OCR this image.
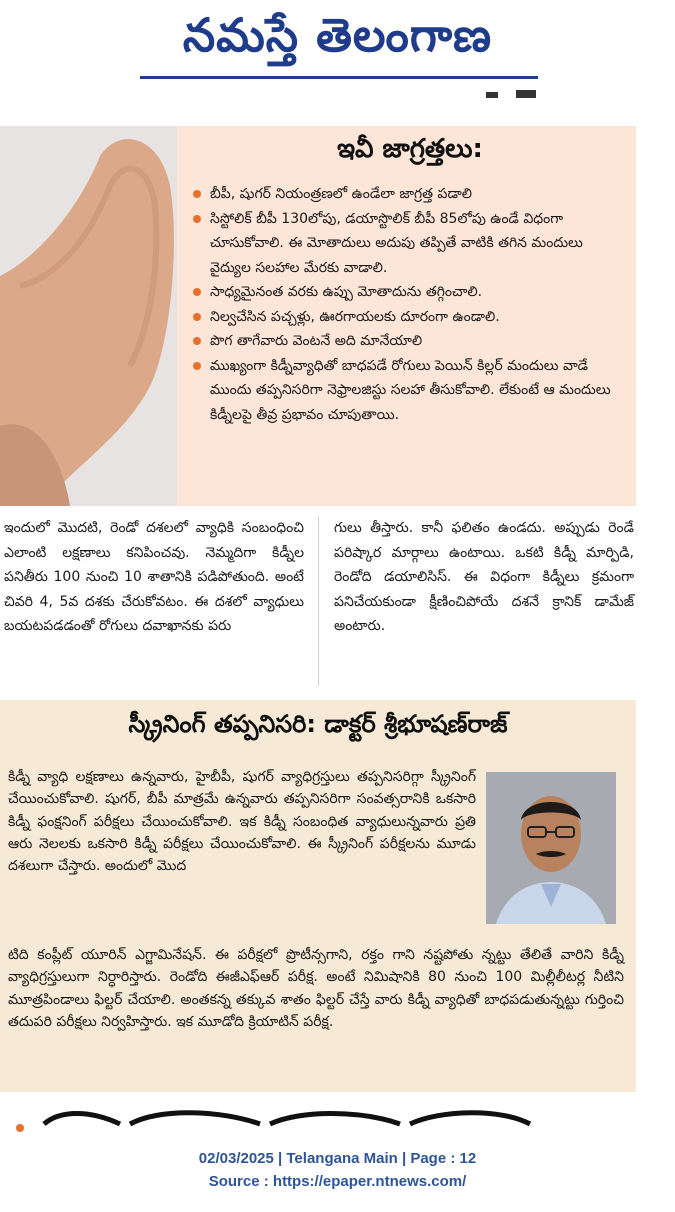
నమస్తే తెలంగాణ
ఇవీ జాగ్రత్తలు:
బీపీ, షుగర్ నియంత్రణలో ఉండేలా జాగ్రత్త పడాలి
సిస్టోలిక్ బీపీ 130లోపు, డయాస్టొలిక్ బీపీ 85లోపు ఉండే విధంగా చూసుకోవాలి. ఈ మోతాదులు అదుపు తప్పితే వాటికి తగిన మందులు వైద్యుల సలహాల మేరకు వాడాలి.
సాధ్యమైనంత వరకు ఉప్పు మోతాదును తగ్గించాలి.
నిల్వచేసిన పచ్చళ్లు, ఊరగాయలకు దూరంగా ఉండాలి.
పొగ తాగేవారు వెంటనే అది మానేయాలి
ముఖ్యంగా కిడ్నీవ్యాధితో బాధపడే రోగులు పెయిన్ కిల్లర్ మందులు వాడే ముందు తప్పనిసరిగా నెఫ్రాలజిస్టు సలహా తీసుకోవాలి. లేకుంటే ఆ మందులు కిడ్నీలపై తీవ్ర ప్రభావం చూపుతాయి.
ఇందులో మొదటి, రెండో దశలలో వ్యాధికి సంబంధించి ఎలాంటి లక్షణాలు కనిపించవు. నెమ్మదిగా కిడ్నీల పనితీరు 100 నుంచి 10 శాతానికి పడిపోతుంది. అంటే చివరి 4, 5వ దశకు చేరుకోవటం. ఈ దశలో వ్యాధులు బయటపడడంతో రోగులు దవాఖానకు పరు
గులు తీస్తారు. కానీ ఫలితం ఉండదు. అప్పుడు రెండే పరిష్కార మార్గాలు ఉంటాయి. ఒకటి కిడ్నీ మార్పిడి, రెండోది డయాలిసిస్. ఈ విధంగా కిడ్నీలు క్రమంగా పనిచేయకుండా క్షీణించిపోయే దశనే క్రానిక్ డామేజ్ అంటారు.
స్క్రీనింగ్ తప్పనిసరి: డాక్టర్ శ్రీభూషణ్‌రాజ్
కిడ్నీ వ్యాధి లక్షణాలు ఉన్నవారు, హైబీపీ, షుగర్ వ్యాధిగ్రస్తులు తప్పనిసరిగ్గా స్క్రీనింగ్ చేయించుకోవాలి. షుగర్, బీపీ మాత్రమే ఉన్నవారు తప్పనిసరిగా సంవత్సరానికి ఒకసారి కిడ్నీ ఫంక్షనింగ్ పరీక్షలు చేయించుకోవాలి. ఇక కిడ్నీ సంబంధిత వ్యాధులున్నవారు ప్రతి ఆరు నెలలకు ఒకసారి కిడ్నీ పరీక్షలు చేయించుకోవాలి. ఈ స్క్రీనింగ్ పరీక్షలను మూడు దశలుగా చేస్తారు. అందులో మొద
టిది కంప్లీట్ యూరిన్ ఎగ్జామినేషన్. ఈ పరీక్షలో ప్రొటీన్సగాని, రక్తం గాని నష్టపోతు న్నట్టు తేలితే వారిని కిడ్నీ వ్యాధిగ్రస్తులుగా నిర్ధారిస్తారు. రెండోది ఈజీఎఫ్ఆర్ పరీక్ష. అంటే నిమిషానికి 80 నుంచి 100 మిల్లీలీటర్ల నీటిని మూత్రపిండాలు ఫిల్టర్ చేయాలి. అంతకన్న తక్కువ శాతం ఫిల్టర్ చేస్తే వారు కిడ్నీ వ్యాధితో బాధపడుతున్నట్టు గుర్తించి తదుపరి పరీక్షలు నిర్వహిస్తారు. ఇక మూడోది క్రియాటిన్ పరీక్ష.
02/03/2025 | Telangana Main | Page : 12
Source : https://epaper.ntnews.com/
